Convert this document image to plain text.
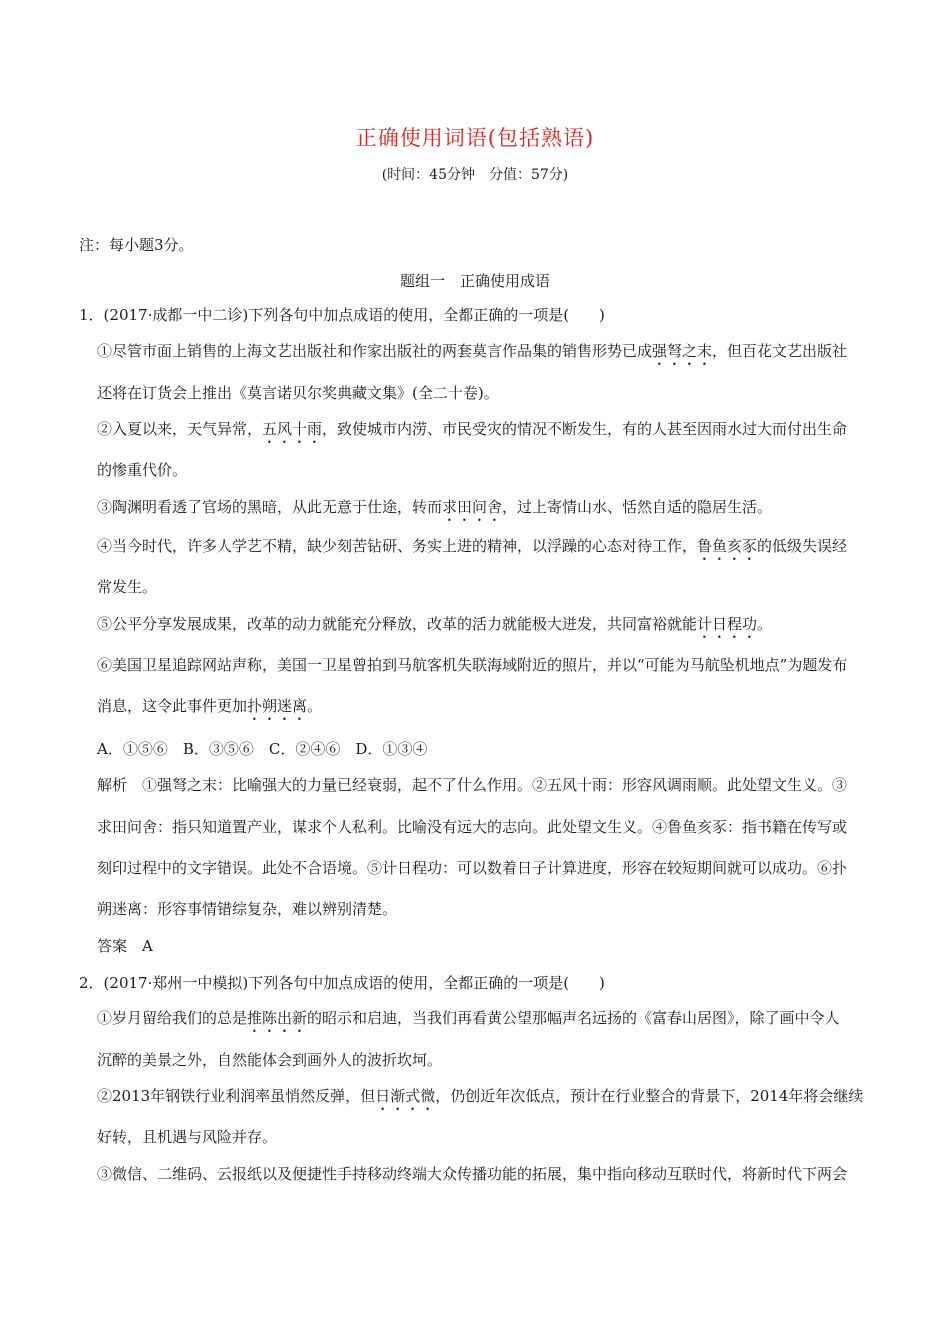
正确使用词语(包括熟语)
(时间：45分钟　分值：57分)
注：每小题3分。
题组一　正确使用成语
1．(2017·成都一中二诊)下列各句中加点成语的使用，全都正确的一项是(　　)
①尽管市面上销售的上海文艺出版社和作家出版社的两套莫言作品集的销售形势已成强弩之末，但百花文艺出版社
还将在订货会上推出《莫言诺贝尔奖典藏文集》(全二十卷)。
②入夏以来，天气异常，五风十雨，致使城市内涝、市民受灾的情况不断发生，有的人甚至因雨水过大而付出生命
的惨重代价。
③陶渊明看透了官场的黑暗，从此无意于仕途，转而求田问舍，过上寄情山水、恬然自适的隐居生活。
④当今时代，许多人学艺不精，缺少刻苦钻研、务实上进的精神，以浮躁的心态对待工作，鲁鱼亥豕的低级失误经
常发生。
⑤公平分享发展成果，改革的动力就能充分释放，改革的活力就能极大迸发，共同富裕就能计日程功。
⑥美国卫星追踪网站声称，美国一卫星曾拍到马航客机失联海域附近的照片，并以“可能为马航坠机地点”为题发布
消息，这令此事件更加扑朔迷离。
A．①⑤⑥　B．③⑤⑥　C．②④⑥　D．①③④
解析　①强弩之末：比喻强大的力量已经衰弱，起不了什么作用。②五风十雨：形容风调雨顺。此处望文生义。③
求田问舍：指只知道置产业，谋求个人私利。比喻没有远大的志向。此处望文生义。④鲁鱼亥豕：指书籍在传写或
刻印过程中的文字错误。此处不合语境。⑤计日程功：可以数着日子计算进度，形容在较短期间就可以成功。⑥扑
朔迷离：形容事情错综复杂，难以辨别清楚。
答案　A
2．(2017·郑州一中模拟)下列各句中加点成语的使用，全都正确的一项是(　　)
①岁月留给我们的总是推陈出新的昭示和启迪，当我们再看黄公望那幅声名远扬的《富春山居图》，除了画中令人
沉醉的美景之外，自然能体会到画外人的波折坎坷。
②2013年钢铁行业利润率虽悄然反弹，但日渐式微，仍创近年次低点，预计在行业整合的背景下，2014年将会继续
好转，且机遇与风险并存。
③微信、二维码、云报纸以及便捷性手持移动终端大众传播功能的拓展，集中指向移动互联时代，将新时代下两会
